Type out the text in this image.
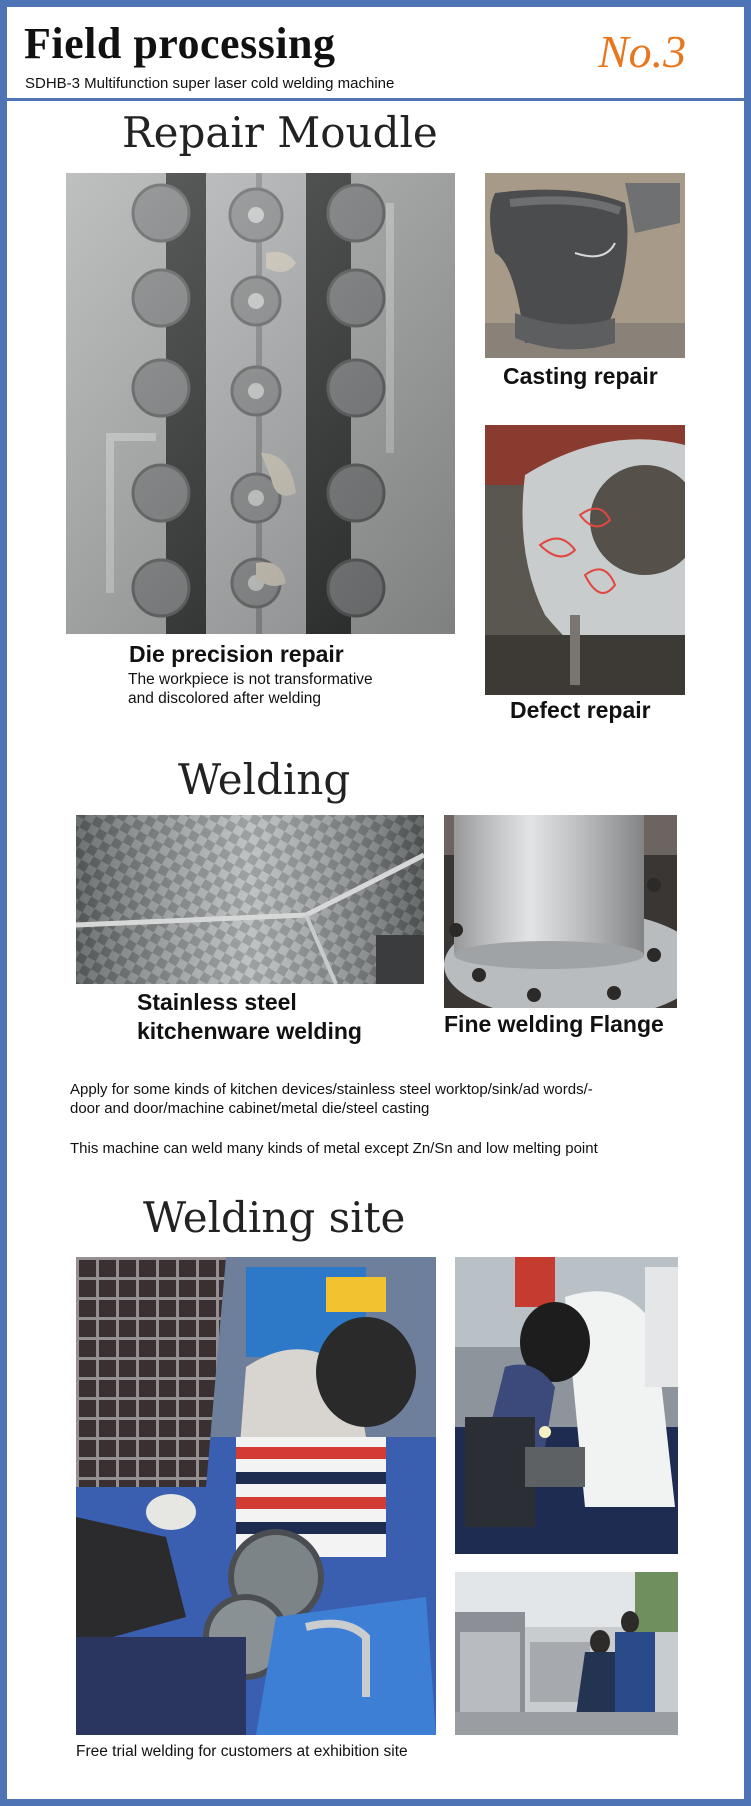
Field processing
SDHB-3 Multifunction super laser cold welding machine
No.3
Repair Moudle
Casting repair
Die precision repair
The workpiece is not transformative
and discolored after welding	Defect repair
Welding
Stainless steel
kitchenware welding	Fine welding Flange
Apply for some kinds of kitchen devices/stainless steel worktop/sink/ad words/-
door and door/machine cabinet/metal die/steel casting
This machine can weld many kinds of metal except Zn/Sn and low melting point
Welding site
Free trial welding for customers at exhibition site
